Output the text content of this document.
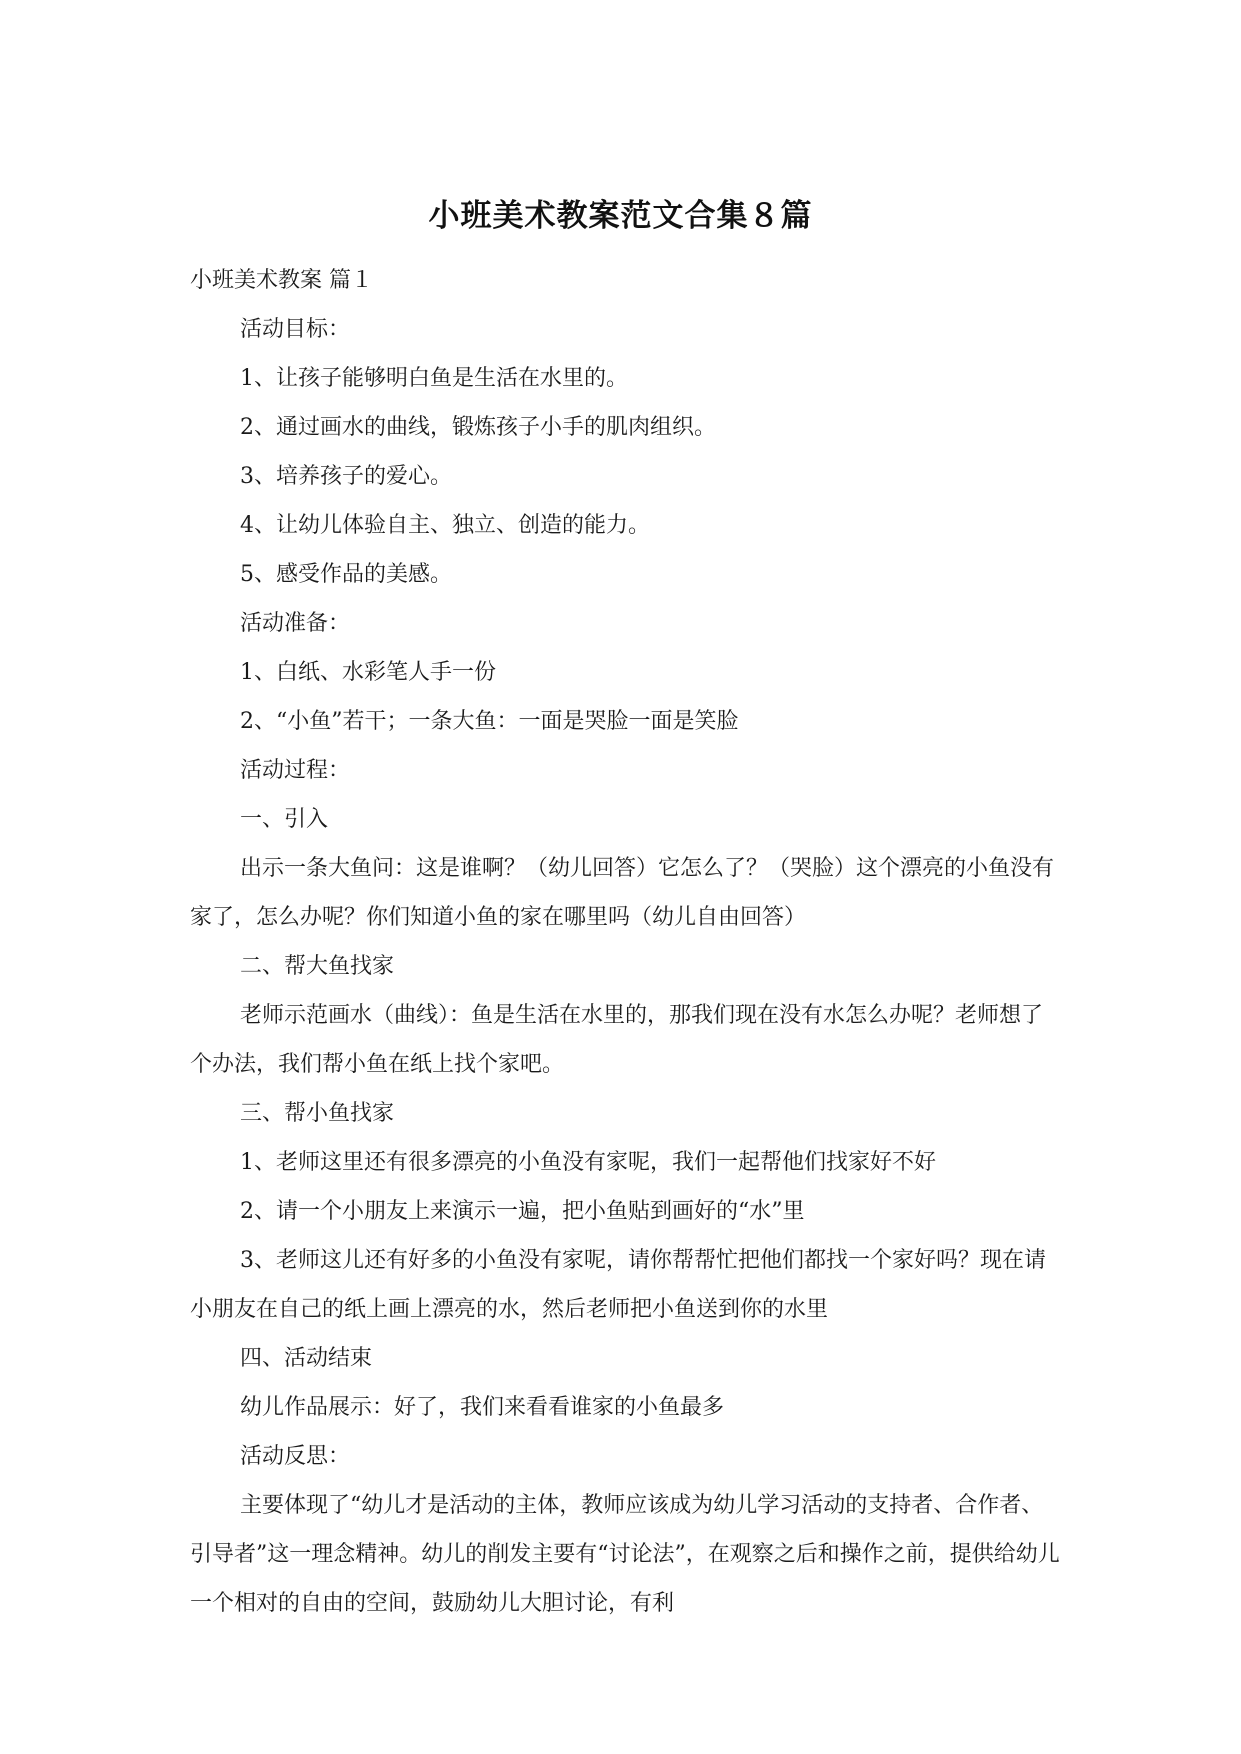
小班美术教案范文合集８篇

小班美术教案 篇１

活动目标：

1、让孩子能够明白鱼是生活在水里的。

2、通过画水的曲线，锻炼孩子小手的肌肉组织。

3、培养孩子的爱心。

4、让幼儿体验自主、独立、创造的能力。

5、感受作品的美感。

活动准备：

1、白纸、水彩笔人手一份

2、“小鱼”若干；一条大鱼：一面是哭脸一面是笑脸

活动过程：

一、引入

出示一条大鱼问：这是谁啊？（幼儿回答）它怎么了？（哭脸）这个漂亮的小鱼没有家了，怎么办呢？你们知道小鱼的家在哪里吗（幼儿自由回答）

二、帮大鱼找家

老师示范画水（曲线）：鱼是生活在水里的，那我们现在没有水怎么办呢？老师想了个办法，我们帮小鱼在纸上找个家吧。

三、帮小鱼找家

1、老师这里还有很多漂亮的小鱼没有家呢，我们一起帮他们找家好不好

2、请一个小朋友上来演示一遍，把小鱼贴到画好的“水”里

3、老师这儿还有好多的小鱼没有家呢，请你帮帮忙把他们都找一个家好吗？现在请小朋友在自己的纸上画上漂亮的水，然后老师把小鱼送到你的水里

四、活动结束

幼儿作品展示：好了，我们来看看谁家的小鱼最多

活动反思：

主要体现了“幼儿才是活动的主体，教师应该成为幼儿学习活动的支持者、合作者、引导者”这一理念精神。幼儿的削发主要有“讨论法”，在观察之后和操作之前，提供给幼儿一个相对的自由的空间，鼓励幼儿大胆讨论，有利
